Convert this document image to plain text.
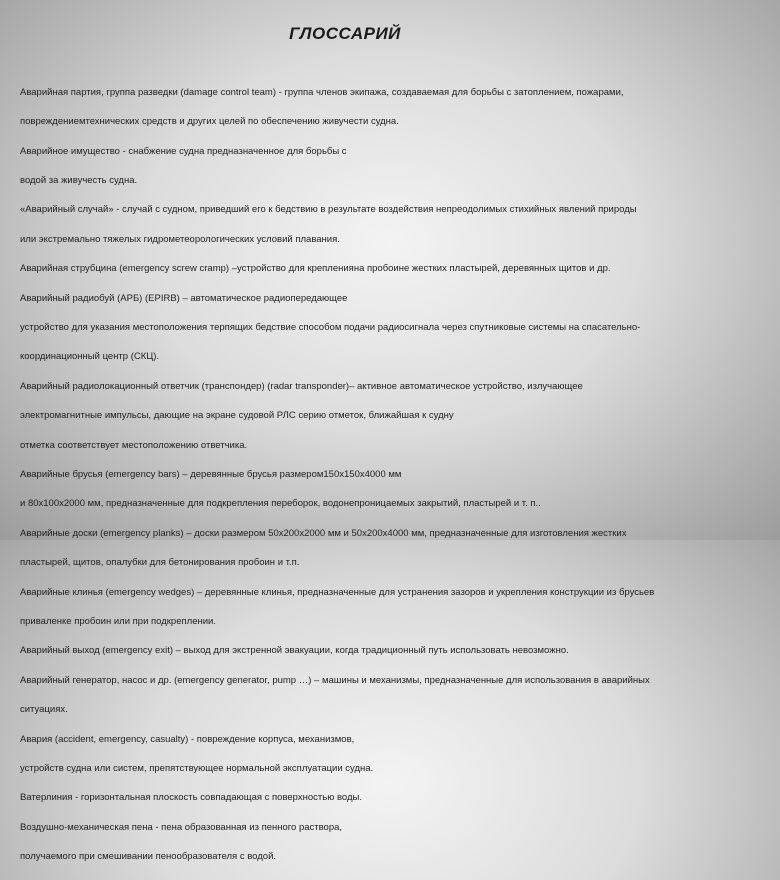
ГЛОССАРИЙ

Аварийная партия, группа разведки (damage control team) - группа членов экипажа, создаваемая для борьбы с затоплением, пожарами,

повреждениемтехнических средств и других целей по обеспечению живучести судна.

Аварийное имущество - снабжение судна предназначенное для борьбы с

водой за живучесть судна.

«Аварийный случай» - случай с судном, приведший его к бедствию в результате воздействия непреодолимых стихийных явлений природы

или экстремально тяжелых гидрометеорологических условий плавания.

Аварийная струбцина (emergency screw cramp) –устройство для крепленияна пробоине жестких пластырей, деревянных щитов и др.

Аварийный радиобуй (АРБ) (EPIRB) – автоматическое радиопередающее

устройство для указания местоположения терпящих бедствие способом подачи радиосигнала через спутниковые системы на спасательно-

координационный центр (СКЦ).

Аварийный радиолокационный ответчик (транспондер) (radar transponder)– активное автоматическое устройство, излучающее

электромагнитные импульсы, дающие на экране судовой РЛС серию отметок, ближайшая к судну

отметка соответствует местоположению ответчика.

Аварийные брусья (emergency bars) – деревянные брусья размером150х150х4000 мм

и 80х100х2000 мм, предназначенные для подкрепления переборок, водонепроницаемых закрытий, пластырей и т. п..

Аварийные доски (emergency planks) – доски размером 50х200х2000 мм и 50х200х4000 мм, предназначенные для изготовления жестких

пластырей, щитов, опалубки для бетонирования пробоин и т.п.

Аварийные клинья (emergency wedges) – деревянные клинья, предназначенные для устранения зазоров и укрепления конструкции из брусьев

приваленке пробоин или при подкреплении.

Аварийный выход (emergency exit) – выход для экстренной эвакуации, когда традиционный путь использовать невозможно.

Аварийный генератор, насос и др. (emergency generator, pump …) – машины и механизмы, предназначенные для использования в аварийных

ситуациях.

Авария (accident, emergency, casualty) - повреждение корпуса, механизмов,

устройств судна или систем, препятствующее нормальной эксплуатации судна.

Ватерлиния - горизонтальная плоскость совпадающая с поверхностью воды.

Воздушно-механическая пена - пена образованная из пенного раствора,

получаемого при смешивании пенообразователя с водой.
